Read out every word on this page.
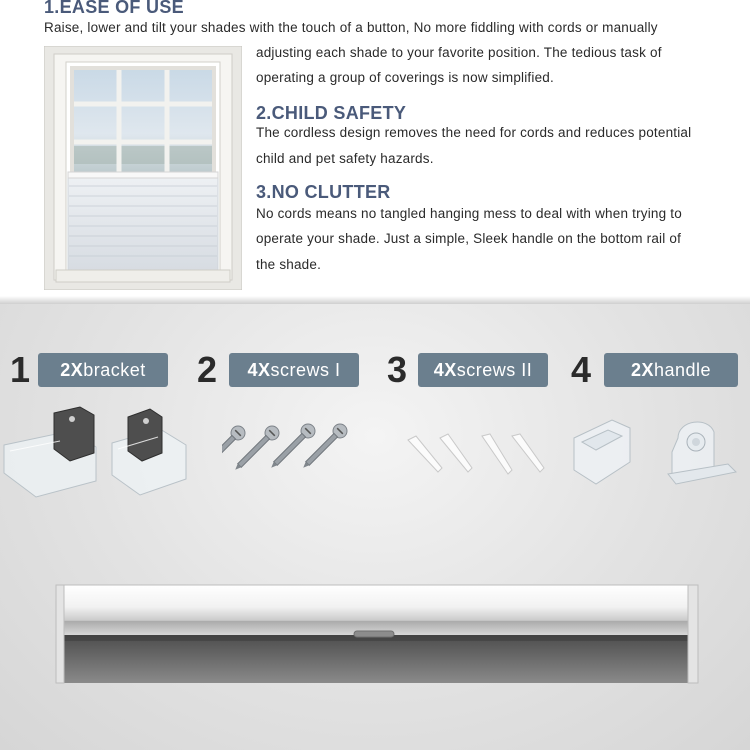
1.EASE OF USE
Raise, lower and tilt your shades with the touch of a button, No more fiddling with cords or manually
adjusting each shade to your favorite position. The tedious task of
operating a group of coverings is now simplified.
2.CHILD SAFETY
The cordless design removes the need for cords and reduces potential
child and pet safety hazards.
3.NO CLUTTER
No cords means no tangled hanging mess to deal with when trying to
operate your shade. Just a simple, Sleek handle on the bottom rail of
the shade.
1	2Xbracket	2	4Xscrews I	3	4Xscrews II	4	2Xhandle
